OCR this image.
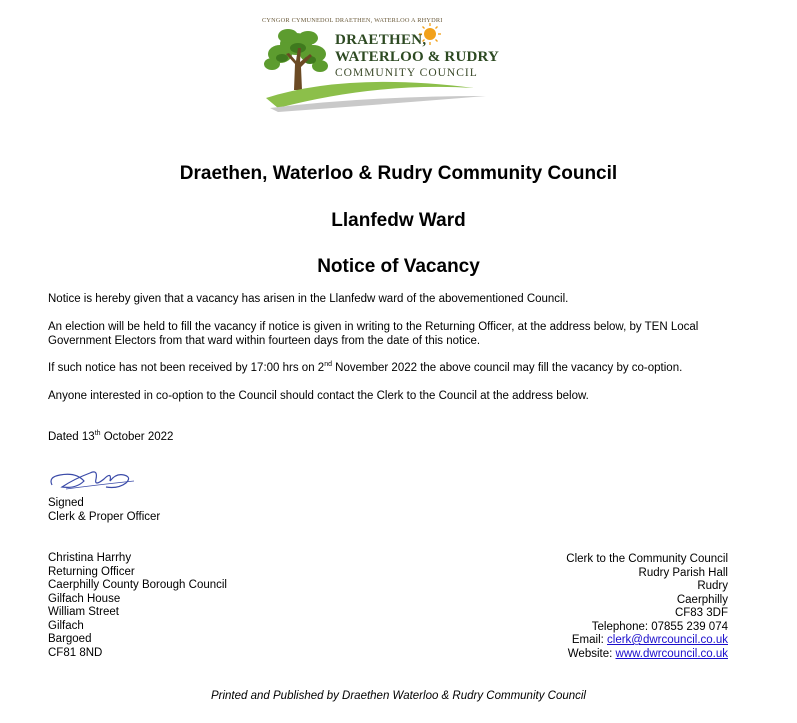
CYNGOR CYMUNEDOL DRAETHEN, WATERLOO A RHYDRI
DRAETHEN,
WATERLOO & RUDRY
COMMUNITY COUNCIL
Draethen, Waterloo & Rudry Community Council
Llanfedw Ward
Notice of Vacancy

Notice is hereby given that a vacancy has arisen in the Llanfedw ward of the abovementioned Council.

An election will be held to fill the vacancy if notice is given in writing to the Returning Officer, at the address below, by TEN Local
Government Electors from that ward within fourteen days from the date of this notice.

If such notice has not been received by 17:00 hrs on 2nd November 2022 the above council may fill the vacancy by co-option.

Anyone interested in co-option to the Council should contact the Clerk to the Council at the address below.

Dated 13th October 2022

Signed
Clerk & Proper Officer
Christina Harrhy
Returning Officer
Caerphilly County Borough Council
Gilfach House
William Street
Gilfach
Bargoed
CF81 8ND
Clerk to the Community Council
Rudry Parish Hall
Rudry
Caerphilly
CF83 3DF
Telephone: 07855 239 074
Email: clerk@dwrcouncil.co.uk
Website: www.dwrcouncil.co.uk
Printed and Published by Draethen Waterloo & Rudry Community Council
